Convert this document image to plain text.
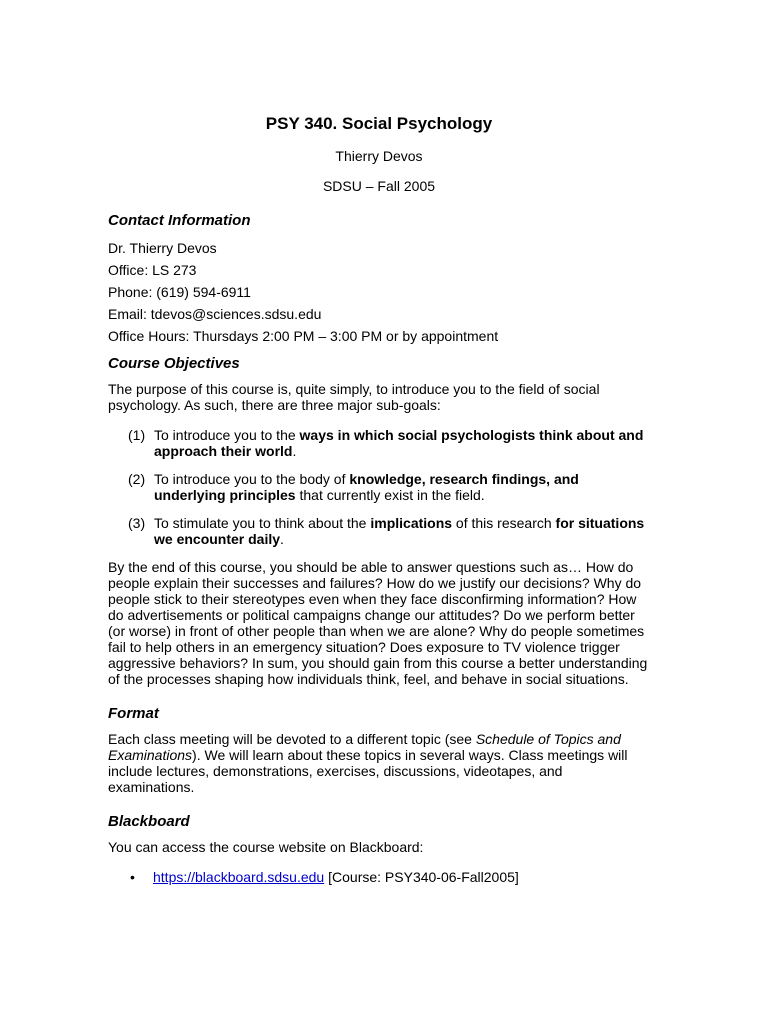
PSY 340. Social Psychology
Thierry Devos
SDSU – Fall 2005
Contact Information
Dr. Thierry Devos
Office: LS 273
Phone: (619) 594-6911
Email: tdevos@sciences.sdsu.edu
Office Hours: Thursdays 2:00 PM – 3:00 PM or by appointment
Course Objectives

The purpose of this course is, quite simply, to introduce you to the field of social psychology. As such, there are three major sub-goals:

(1) To introduce you to the ways in which social psychologists think about and approach their world.
(2) To introduce you to the body of knowledge, research findings, and underlying principles that currently exist in the field.
(3) To stimulate you to think about the implications of this research for situations we encounter daily.

By the end of this course, you should be able to answer questions such as… How do people explain their successes and failures? How do we justify our decisions? Why do people stick to their stereotypes even when they face disconfirming information? How do advertisements or political campaigns change our attitudes? Do we perform better (or worse) in front of other people than when we are alone? Why do people sometimes fail to help others in an emergency situation? Does exposure to TV violence trigger aggressive behaviors? In sum, you should gain from this course a better understanding of the processes shaping how individuals think, feel, and behave in social situations.

Format

Each class meeting will be devoted to a different topic (see Schedule of Topics and Examinations). We will learn about these topics in several ways. Class meetings will include lectures, demonstrations, exercises, discussions, videotapes, and examinations.

Blackboard

You can access the course website on Blackboard:

•	https://blackboard.sdsu.edu [Course: PSY340-06-Fall2005]
